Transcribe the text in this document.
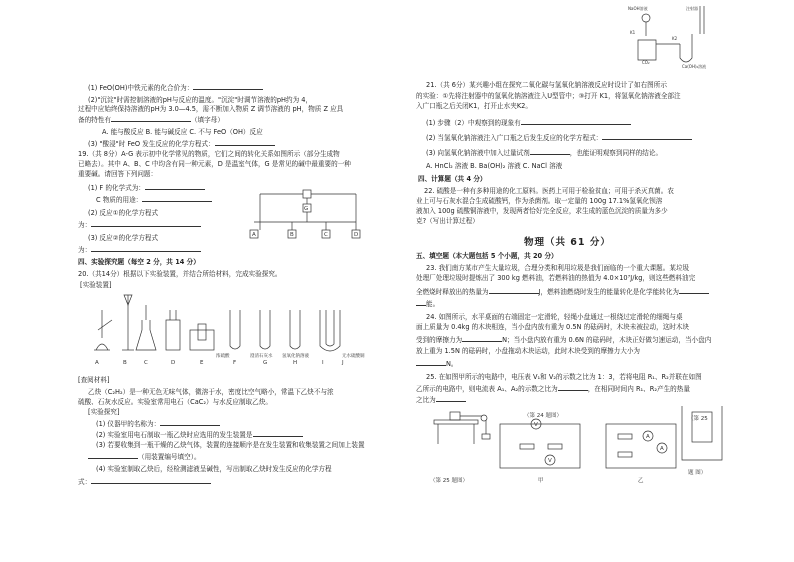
(1) FeO(OH)中铁元素的化合价为：
(2)"沉淀"时需控制溶液的pH与反应的温度。"沉淀"时调节溶液的pH约为 4，
过程中应始终保持溶液的pH为 3.0—4.5，需不断加入物质 Z 调节溶液的 pH，物质 Z 应具
备的特性有	（填字母）
A. 能与酸反应 B. 能与碱反应 C. 不与 FeO（OH）反应
(3) "酸浸"时 FeO 发生反应的化学方程式：
19.（共 8分）A-G 表示初中化学常见的物质，它们之间的转化关系如图所示（部分生成物
已略去）。其中 A、B、C 中均含有同一种元素，D 是温室气体，G 是常见的碱中最重要的一种
重要碱。请回答下列问题：
(1) F 的化学式为：
C 物质的用途：
(2) 反应①的化学方程式
为：
(3) 反应②的化学方程式
为：
四、实验探究题（每空 2 分，共 14 分）
20.（共14分）根据以下实验装置，并结合所给材料，完成实验探究。
[实验装置]
[查阅材料]
乙炔（C₂H₂）是一种无色无味气体，微溶于水，密度比空气略小，常温下乙炔不与浓
硫酸、石灰水反应。实验室常用电石（CaC₂）与水反应制取乙炔。
[实验探究]
(1) 仪器甲的名称为：
(2) 实验室用电石制取一瓶乙炔时应选用的发生装置是
(3) 若要收集到一瓶干燥的乙炔气体，装置的连接顺序是在发生装置和收集装置之间加上装置
（用装置编号填空）。
(4) 实验室制取乙炔后，经检测滤液呈碱性，写出制取乙炔时发生反应的化学方程
式：
G
A	B	C	D
A	B	C	D	E	F	G	H	I	J
浓硫酸	澄清石灰水 氢氧化钠溶液	无水硫酸铜
21.（共 6分）某兴趣小组在探究二氧化碳与氢氧化钠溶液反应时设计了如右图所示
的实验：①先将注射器中的氢氧化钠溶液注入U型管中；③打开 K1，将氢氧化钠溶液全部注
入广口瓶之后关闭K1，打开止水夹K2。
(1) 步骤（2）中观察到的现象有
(2) 当氢氧化钠溶液注入广口瓶之后发生反应的化学方程式：
(3) 向氢氧化钠溶液中加入过量试剂	，也能证明观察到同样的结论。
A. HnCl₂ 溶液 B. Ba(OH)₂ 溶液 C. NaCl 溶液
四、计算题（共 4 分）
22. 硫酸是一种有多种用途的化工原料。医药上可用于检验贫血；可用于杀灭真菌。农
业上可与石灰水混合生成硫酸钙，作为杀菌剂。取一定量的 100g 17.1%氢氧化钡溶
液加入 100g 硫酸铜溶液中，发现两者恰好完全反应，求生成的蓝色沉淀的质量为多少
克?（写出计算过程）
物理（共 61 分）
五、填空题（本大题包括 5 个小题，共 20 分）
23. 我们南方某市产生大量垃圾，合理分类和利用垃圾是我们面临的一个重大课题。某垃圾
处理厂处理垃圾时提炼出了 300 kg 燃料油，若燃料油的热值为 4.0×10⁷J/kg，则这些燃料油完
全燃烧时释放出的热量为	J，燃料油燃烧时发生的能量转化是化学能转化为
能。
24. 如图所示，水平桌面的右端固定一定滑轮，轻绳小盘通过一根绕过定滑轮的细绳与桌
面上质量为 0.4kg 的木块相连，当小盘内放有重为 0.5N 的砝码时，木块未被拉动，这时木块
受到的摩擦力为	N；当小盘内放有重为 0.6N 的砝码时，木块正好做匀速运动，当小盘内
放上重为 1.5N 的砝码时，小盘拖动木块运动，此时木块受到的摩擦力大小为
N。
25. 在如图甲所示的电路中，电压表 V₁和 V₂的示数之比为 1：3，若将电阻 R₁、R₂并联在如图
乙所示的电路中，则电流表 A₁、A₂的示数之比为	，在相同时间内 R₁、R₂产生的热量
之比为
NaOH溶液	注射器
K1
K2
CO₂
Ca(OH)₂溶液
V
V
A
A
（第 24 题图）	（第 25
题 图）
（第 25 题图）	甲	乙
